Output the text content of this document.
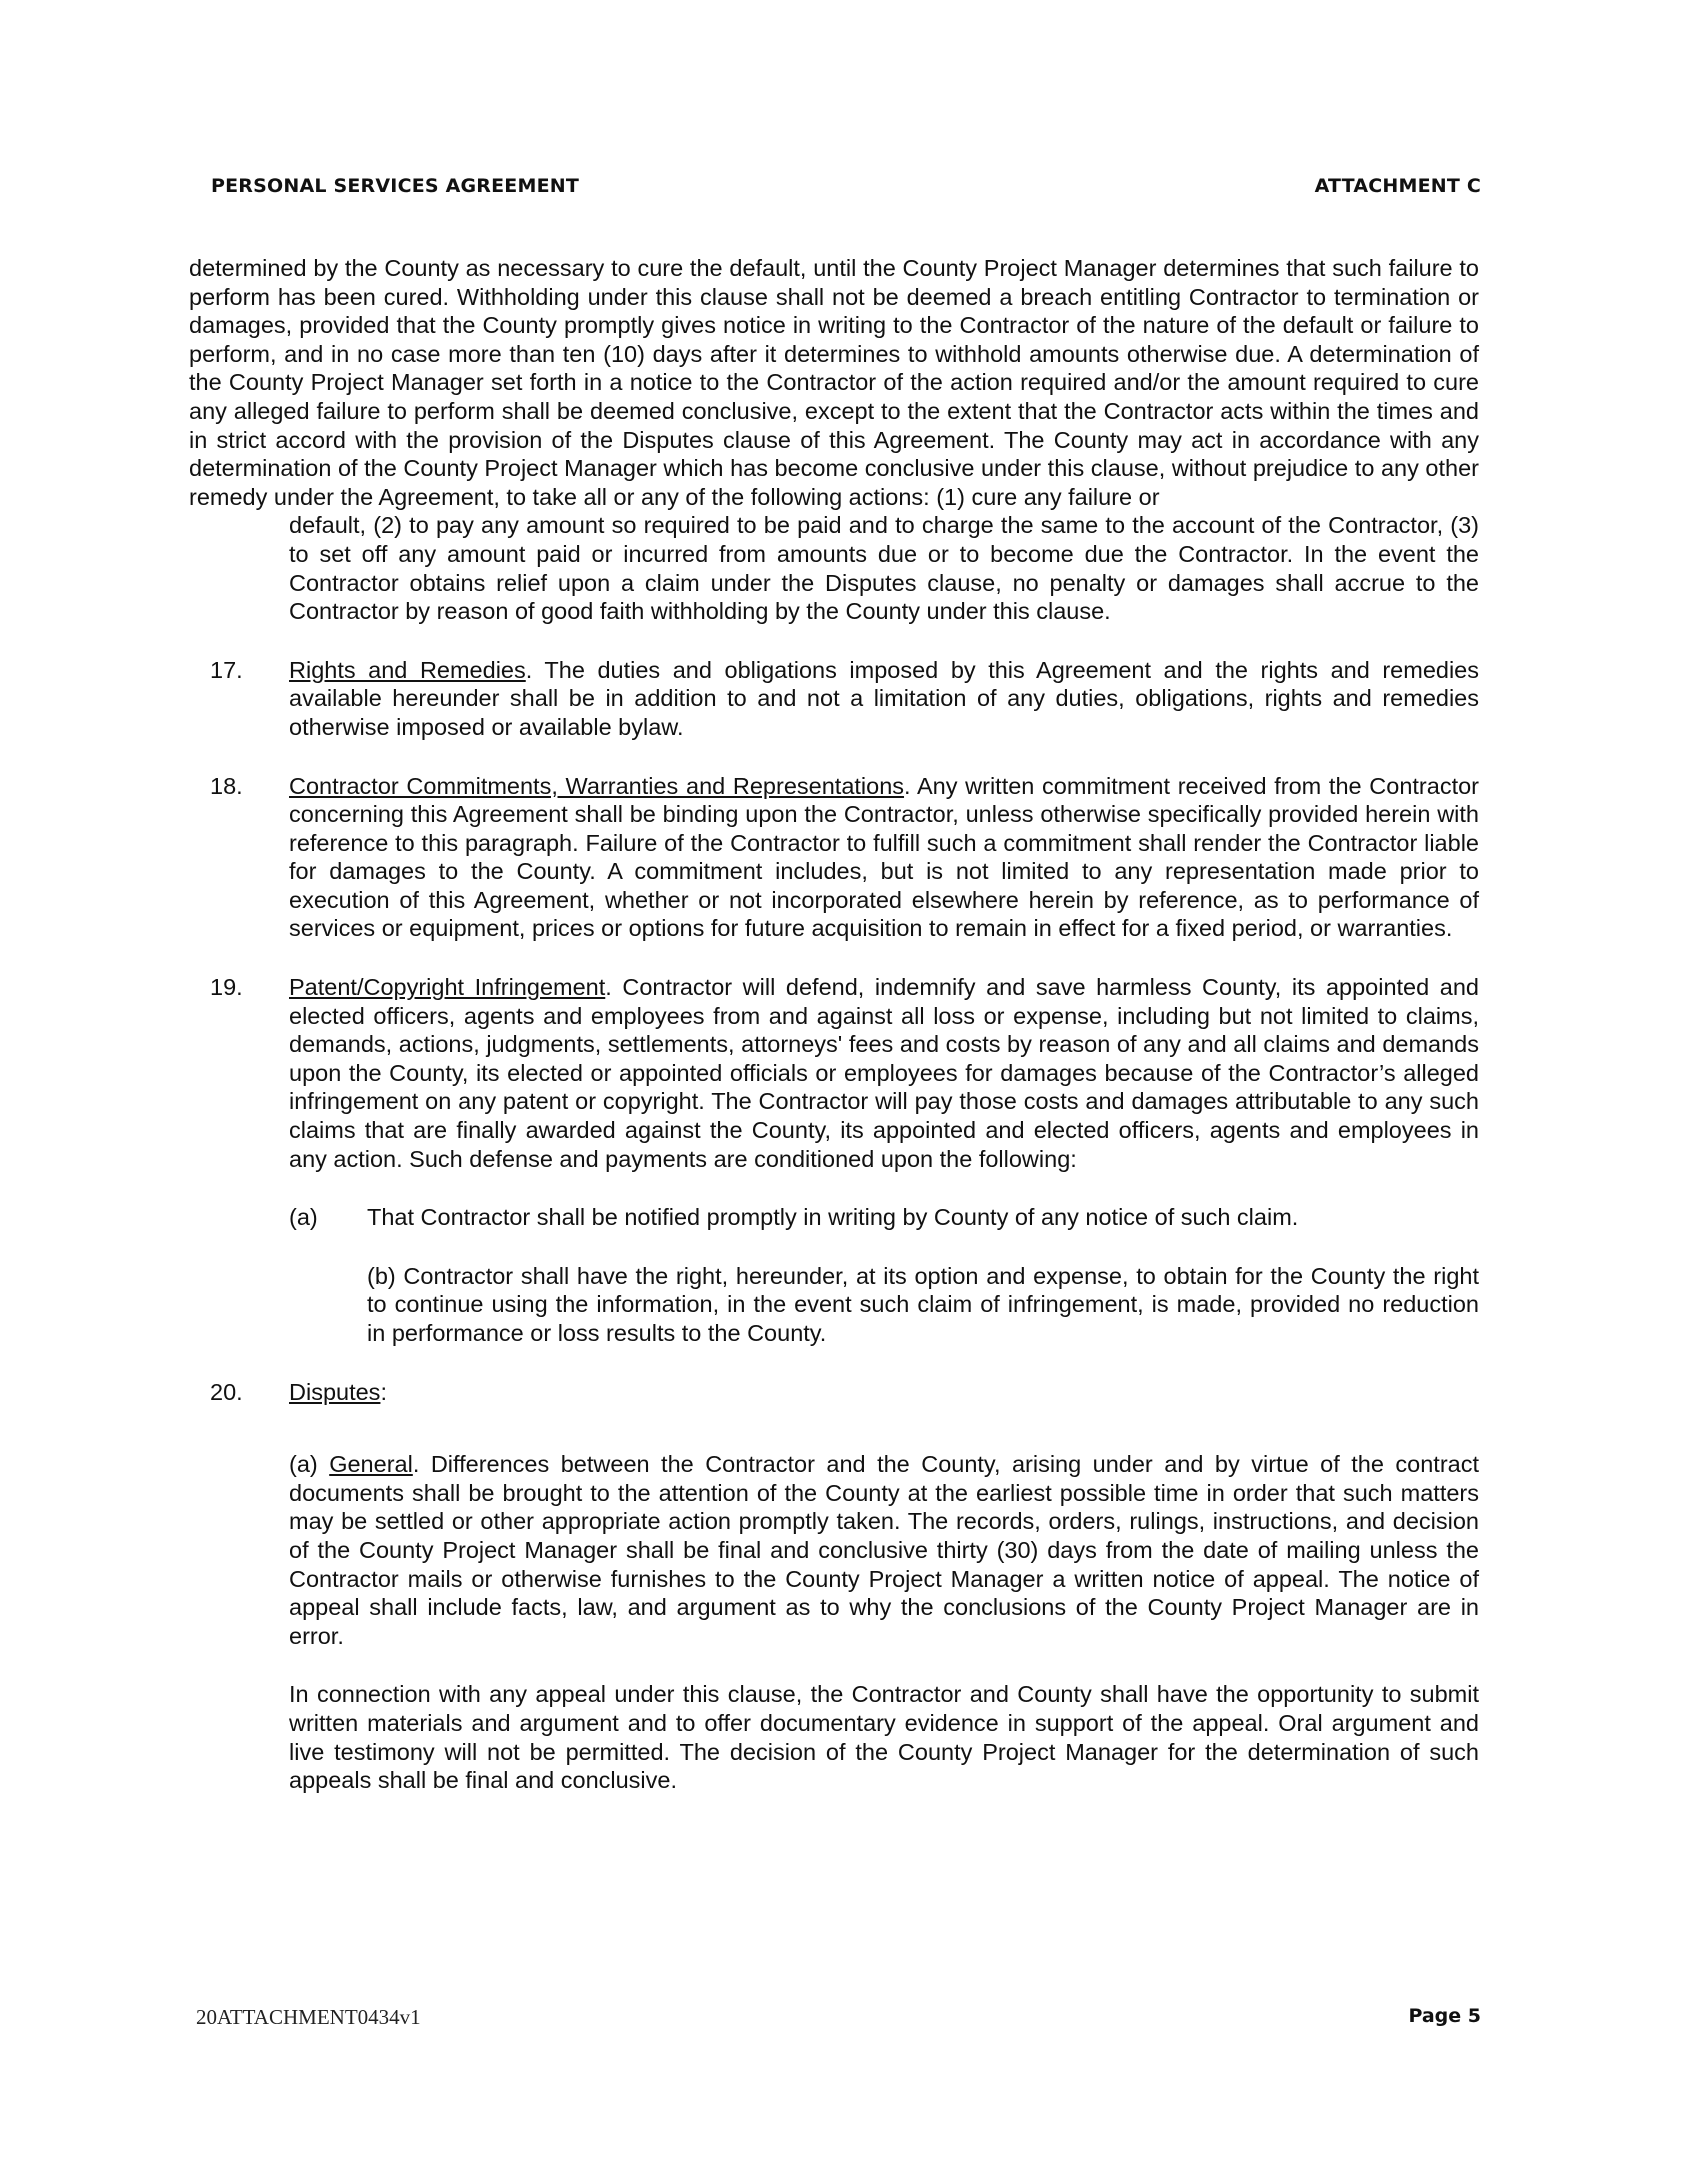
PERSONAL SERVICES AGREEMENT	ATTACHMENT C

determined by the County as necessary to cure the default, until the County Project Manager determines that such failure to perform has been cured. Withholding under this clause shall not be deemed a breach entitling Contractor to termination or damages, provided that the County promptly gives notice in writing to the Contractor of the nature of the default or failure to perform, and in no case more than ten (10) days after it determines to withhold amounts otherwise due. A determination of the County Project Manager set forth in a notice to the Contractor of the action required and/or the amount required to cure any alleged failure to perform shall be deemed conclusive, except to the extent that the Contractor acts within the times and in strict accord with the provision of the Disputes clause of this Agreement. The County may act in accordance with any determination of the County Project Manager which has become conclusive under this clause, without prejudice to any other remedy under the Agreement, to take all or any of the following actions: (1) cure any failure or

default, (2) to pay any amount so required to be paid and to charge the same to the account of the Contractor, (3) to set off any amount paid or incurred from amounts due or to become due the Contractor. In the event the Contractor obtains relief upon a claim under the Disputes clause, no penalty or damages shall accrue to the Contractor by reason of good faith withholding by the County under this clause.
17.	Rights and Remedies. The duties and obligations imposed by this Agreement and the rights and remedies available hereunder shall be in addition to and not a limitation of any duties, obligations, rights and remedies otherwise imposed or available bylaw.
18.	Contractor Commitments, Warranties and Representations. Any written commitment received from the Contractor concerning this Agreement shall be binding upon the Contractor, unless otherwise specifically provided herein with reference to this paragraph. Failure of the Contractor to fulfill such a commitment shall render the Contractor liable for damages to the County. A commitment includes, but is not limited to any representation made prior to execution of this Agreement, whether or not incorporated elsewhere herein by reference, as to performance of services or equipment, prices or options for future acquisition to remain in effect for a fixed period, or warranties.
19.	Patent/Copyright Infringement. Contractor will defend, indemnify and save harmless County, its appointed and elected officers, agents and employees from and against all loss or expense, including but not limited to claims, demands, actions, judgments, settlements, attorneys' fees and costs by reason of any and all claims and demands upon the County, its elected or appointed officials or employees for damages because of the Contractor’s alleged infringement on any patent or copyright. The Contractor will pay those costs and damages attributable to any such claims that are finally awarded against the County, its appointed and elected officers, agents and employees in any action. Such defense and payments are conditioned upon the following:
(a)	That Contractor shall be notified promptly in writing by County of any notice of such claim.
(b) Contractor shall have the right, hereunder, at its option and expense, to obtain for the County the right to continue using the information, in the event such claim of infringement, is made, provided no reduction in performance or loss results to the County.
20.	Disputes:
(a) General. Differences between the Contractor and the County, arising under and by virtue of the contract documents shall be brought to the attention of the County at the earliest possible time in order that such matters may be settled or other appropriate action promptly taken. The records, orders, rulings, instructions, and decision of the County Project Manager shall be final and conclusive thirty (30) days from the date of mailing unless the Contractor mails or otherwise furnishes to the County Project Manager a written notice of appeal. The notice of appeal shall include facts, law, and argument as to why the conclusions of the County Project Manager are in error.
In connection with any appeal under this clause, the Contractor and County shall have the opportunity to submit written materials and argument and to offer documentary evidence in support of the appeal. Oral argument and live testimony will not be permitted. The decision of the County Project Manager for the determination of such appeals shall be final and conclusive.
20ATTACHMENT0434v1	Page 5
